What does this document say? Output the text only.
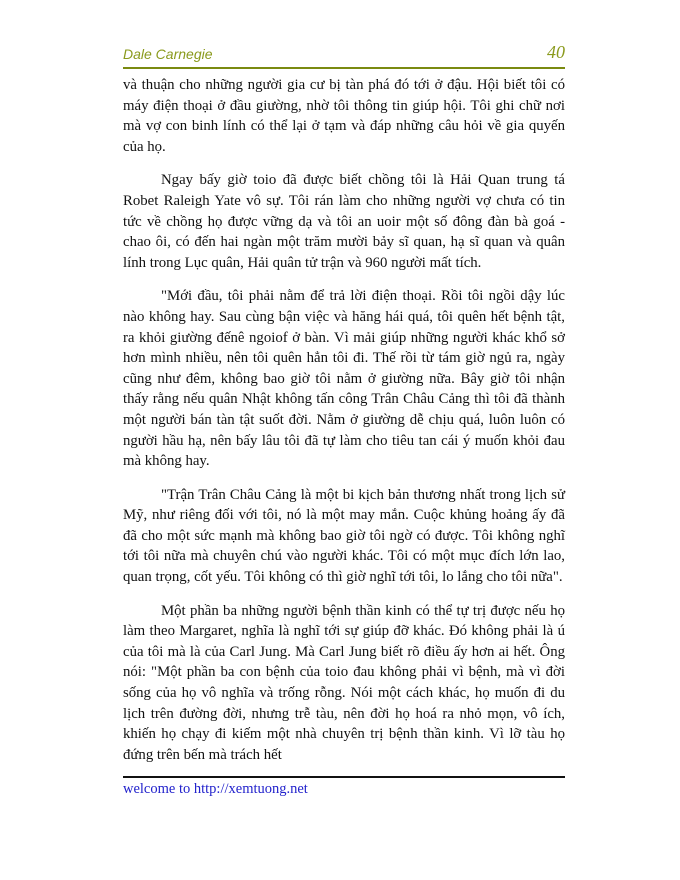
Dale Carnegie	40

và thuận cho những người gia cư bị tàn phá đó tới ở đậu. Hội biết tôi có máy điện thoại ở đầu giường, nhờ tôi thông tin giúp hội. Tôi ghi chữ nơi mà vợ con binh lính có thể lại ở tạm và đáp những câu hỏi về gia quyến của họ.

Ngay bấy giờ toio đã được biết chồng tôi là Hải Quan trung tá Robet Raleigh Yate vô sự. Tôi rán làm cho những người vợ chưa có tin tức về chồng họ được vững dạ và tôi an uoir một số đông đàn bà goá - chao ôi, có đến hai ngàn một trăm mười bảy sĩ quan, hạ sĩ quan và quân lính trong Lục quân, Hải quân tử trận và 960 người mất tích.

"Mới đầu, tôi phải nằm để trả lời điện thoại. Rồi tôi ngồi dậy lúc nào không hay. Sau cùng bận việc và hăng hái quá, tôi quên hết bệnh tật, ra khỏi giường đếnê ngoiof ở bàn. Vì mải giúp những người khác khổ sở hơn mình nhiều, nên tôi quên hẳn tôi đi. Thế rồi từ tám giờ ngủ ra, ngày cũng như đêm, không bao giờ tôi nằm ở giường nữa. Bây giờ tôi nhận thấy rằng nếu quân Nhật không tấn công Trân Châu Cảng thì tôi đã thành một người bán tàn tật suốt đời. Nằm ở giường dễ chịu quá, luôn luôn có người hầu hạ, nên bấy lâu tôi đã tự làm cho tiêu tan cái ý muốn khỏi đau mà không hay.

"Trận Trân Châu Cảng là một bi kịch bản thương nhất trong lịch sử Mỹ, như riêng đối với tôi, nó là một may mắn. Cuộc khủng hoảng ấy đã đã cho một sức mạnh mà không bao giờ tôi ngờ có được. Tôi không nghĩ tới tôi nữa mà chuyên chú vào người khác. Tôi có một mục đích lớn lao, quan trọng, cốt yếu. Tôi không có thì giờ nghĩ tới tôi, lo lắng cho tôi nữa".

Một phần ba những người bệnh thần kinh có thể tự trị được nếu họ làm theo Margaret, nghĩa là nghĩ tới sự giúp đỡ khác. Đó không phải là ú của tôi mà là của Carl Jung. Mà Carl Jung biết rõ điều ấy hơn ai hết. Ông nói: "Một phần ba con bệnh của toio đau không phải vì bệnh, mà vì đời sống của họ vô nghĩa và trống rỗng. Nói một cách khác, họ muốn đi du lịch trên đường đời, nhưng trễ tàu, nên đời họ hoá ra nhỏ mọn, vô ích, khiến họ chạy đi kiếm một nhà chuyên trị bệnh thần kinh. Vì lỡ tàu họ đứng trên bến mà trách hết

welcome to http://xemtuong.net
